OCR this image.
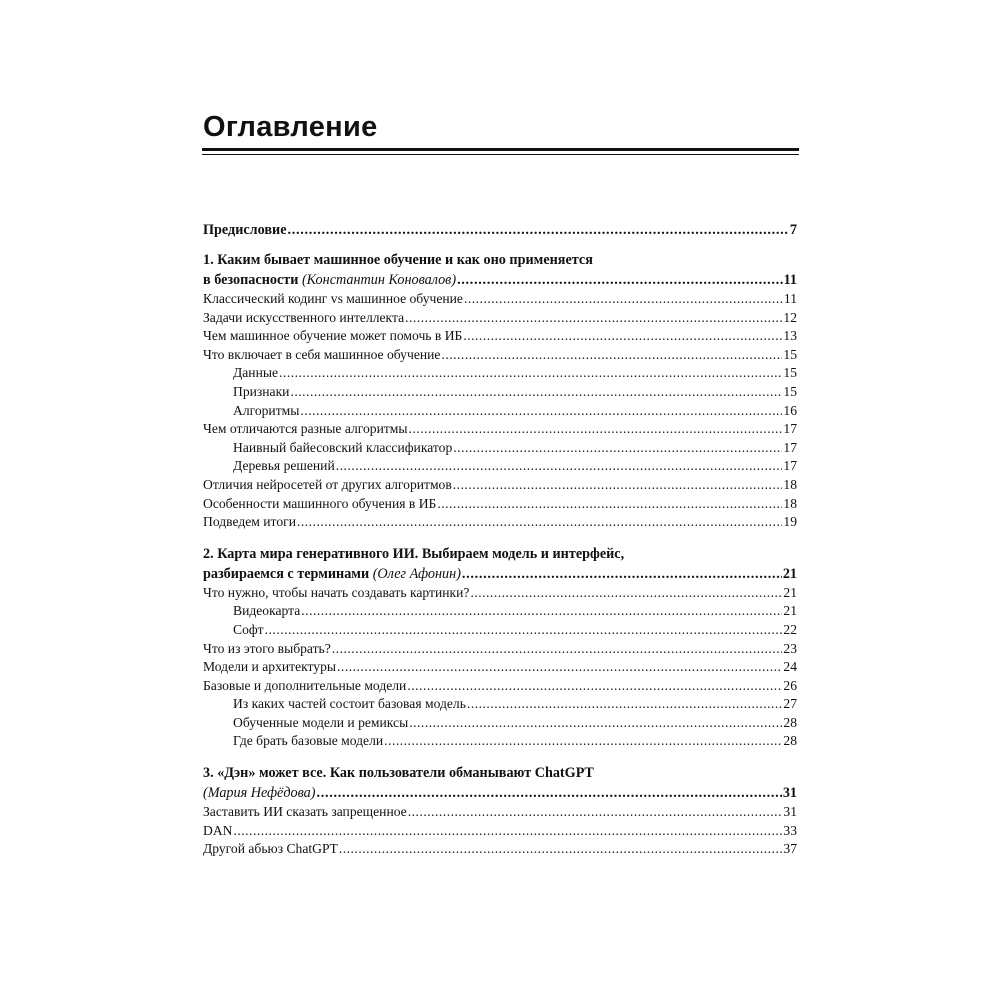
Оглавление
Предисловие .....	7
1. Каким бывает машинное обучение и как оно применяется
в безопасности (Константин Коновалов) .....	11
Классический кодинг vs машинное обучение .....	11
Задачи искусственного интеллекта .....	12
Чем машинное обучение может помочь в ИБ .....	13
Что включает в себя машинное обучение .....	15
Данные .....	15
Признаки .....	15
Алгоритмы .....	16
Чем отличаются разные алгоритмы .....	17
Наивный байесовский классификатор .....	17
Деревья решений .....	17
Отличия нейросетей от других алгоритмов .....	18
Особенности машинного обучения в ИБ .....	18
Подведем итоги .....	19
2. Карта мира генеративного ИИ. Выбираем модель и интерфейс,
разбираемся с терминами (Олег Афонин) .....	21
Что нужно, чтобы начать создавать картинки? .....	21
Видеокарта .....	21
Софт .....	22
Что из этого выбрать? .....	23
Модели и архитектуры .....	24
Базовые и дополнительные модели .....	26
Из каких частей состоит базовая модель .....	27
Обученные модели и ремиксы .....	28
Где брать базовые модели .....	28
3. «Дэн» может все. Как пользователи обманывают ChatGPT
(Мария Нефёдова) .....	31
Заставить ИИ сказать запрещенное .....	31
DAN .....	33
Другой абьюз ChatGPT .....	37
